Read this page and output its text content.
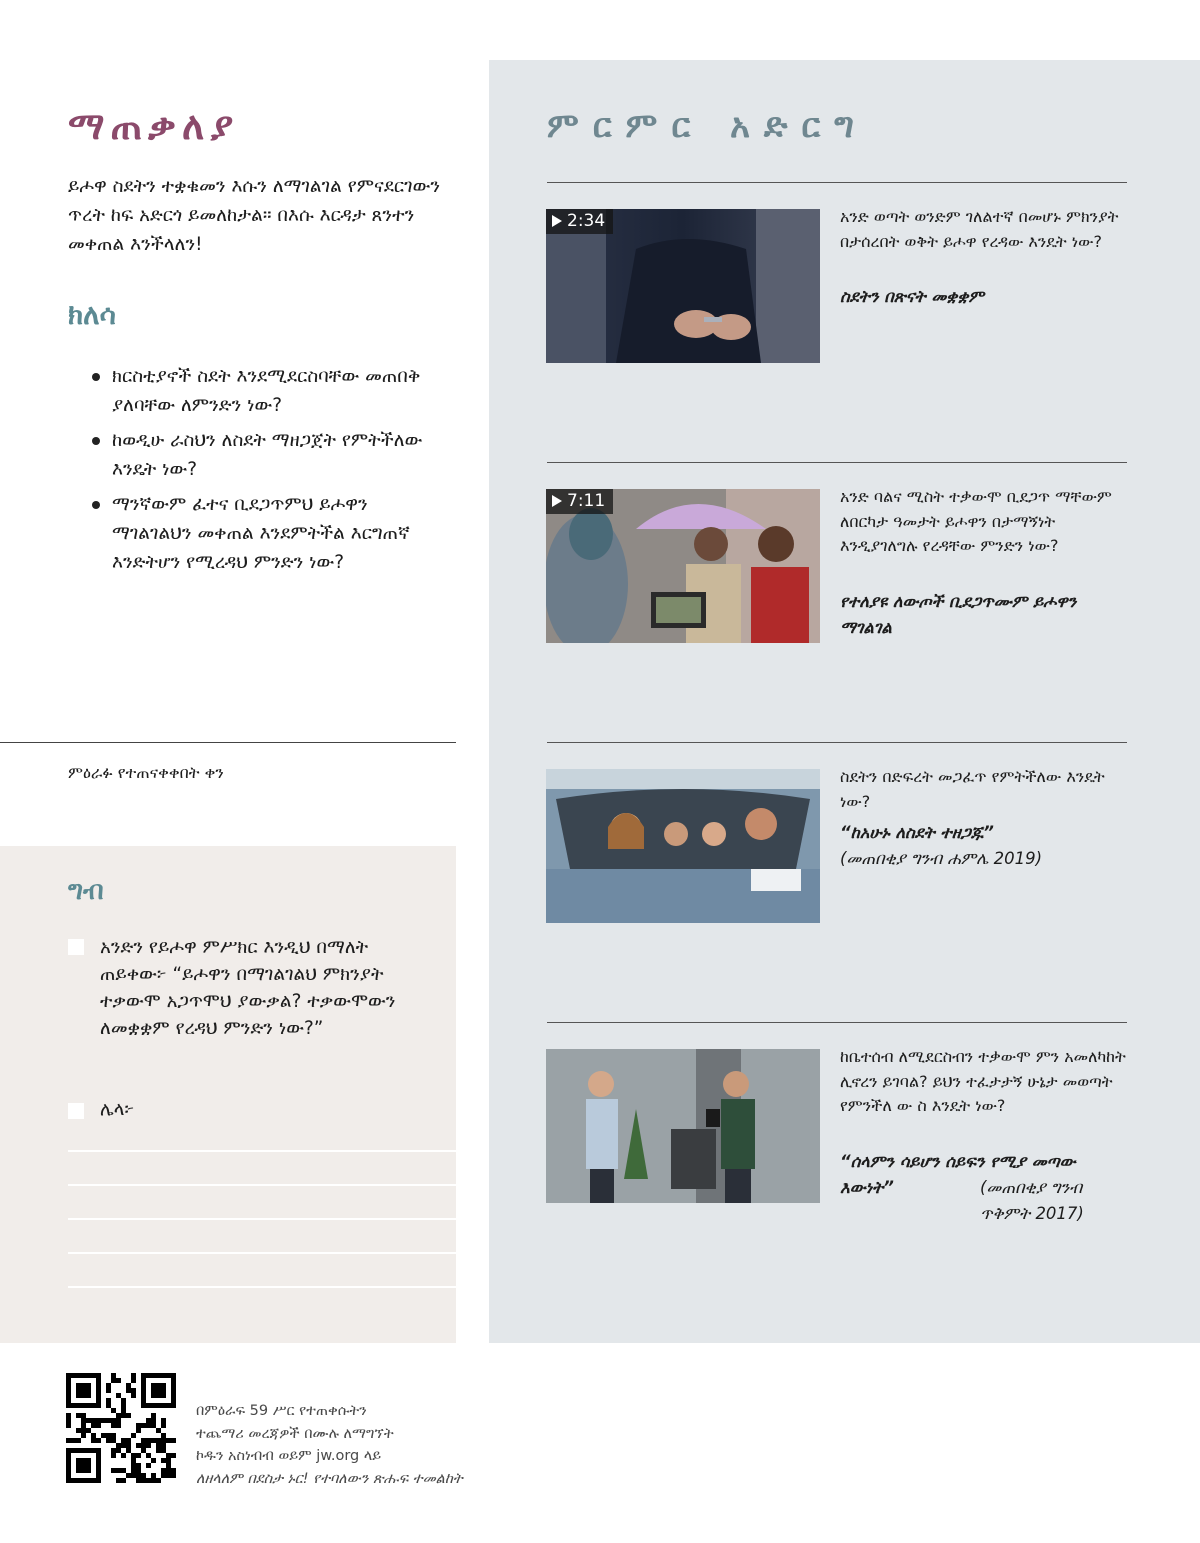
ማጠቃለያ
ይሖዋ ስደትን ተቋቁመን እሱን ለማገልገል የምናደርገውን ጥረት ከፍ አድርጎ ይመለከታል። በእሱ እርዳታ ጸንተን መቀጠል እንችላለን!
ክለሳ
ክርስቲያኖች ስደት እንደሚደርስባቸው መጠበቅ ያለባቸው ለምንድን ነው?
ከወዲሁ ራስህን ለስደት ማዘጋጀት የምትችለው እንዴት ነው?
ማንኛውም ፈተና ቢደጋጥምህ ይሖዋን ማገልገልህን መቀጠል እንደምትችል እርግጠኛ እንድትሆን የሚረዳህ ምንድን ነው?
ምዕራፉ የተጠናቀቀበት ቀን
ግብ
አንድን የይሖዋ ምሥክር እንዲህ በማለት ጠይቀው፦ “ይሖዋን በማገልገልህ ምክንያት ተቃውሞ አጋጥሞህ ያውቃል? ተቃውሞውን ለመቋቋም የረዳህ ምንድን ነው?”
ሌላ፦
ምርምር አድርግ
2:34	አንድ ወጣት ወንድም ገለልተኛ በመሆኑ ምክንያት በታሰረበት ወቅት ይሖዋ የረዳው እንዴት ነው?
ስደትን በጽናት መቋቋም
7:11	አንድ ባልና ሚስት ተቃውሞ ቢደጋጥ ማቸውም ለበርካታ ዓመታት ይሖዋን በታማኝነት እንዲያገለግሉ የረዳቸው ምንድን ነው?
የተለያዩ ለውጦች ቢደጋጥሙም ይሖዋን ማገልገል
ስደትን በድፍረት መጋፈጥ የምትችለው እንዴት ነው?
“ከአሁኑ ለስደት ተዘጋጁ”
(መጠበቂያ ግንብ ሐምሌ 2019)
ከቤተሰብ ለሚደርስብን ተቃውሞ ምን አመለካከት ሊኖረን ይገባል? ይህን ተፈታታኝ ሁኔታ መወጣት የምንችለ ው ስ እንዴት ነው?
“ሰላምን ሳይሆን ሰይፍን የሚያ መጣው እውነት”	(መጠበቂያ ግንብ ጥቅምት 2017)
በምዕራፍ 59 ሥር የተጠቀሱትን
ተጨማሪ መረጃዎች በሙሉ ለማግኘት
ኮዱን አስነብብ ወይም jw.org ላይ
ለዘላለም በደስታ ኑር! የተባለውን ጽሑፍ ተመልከት
